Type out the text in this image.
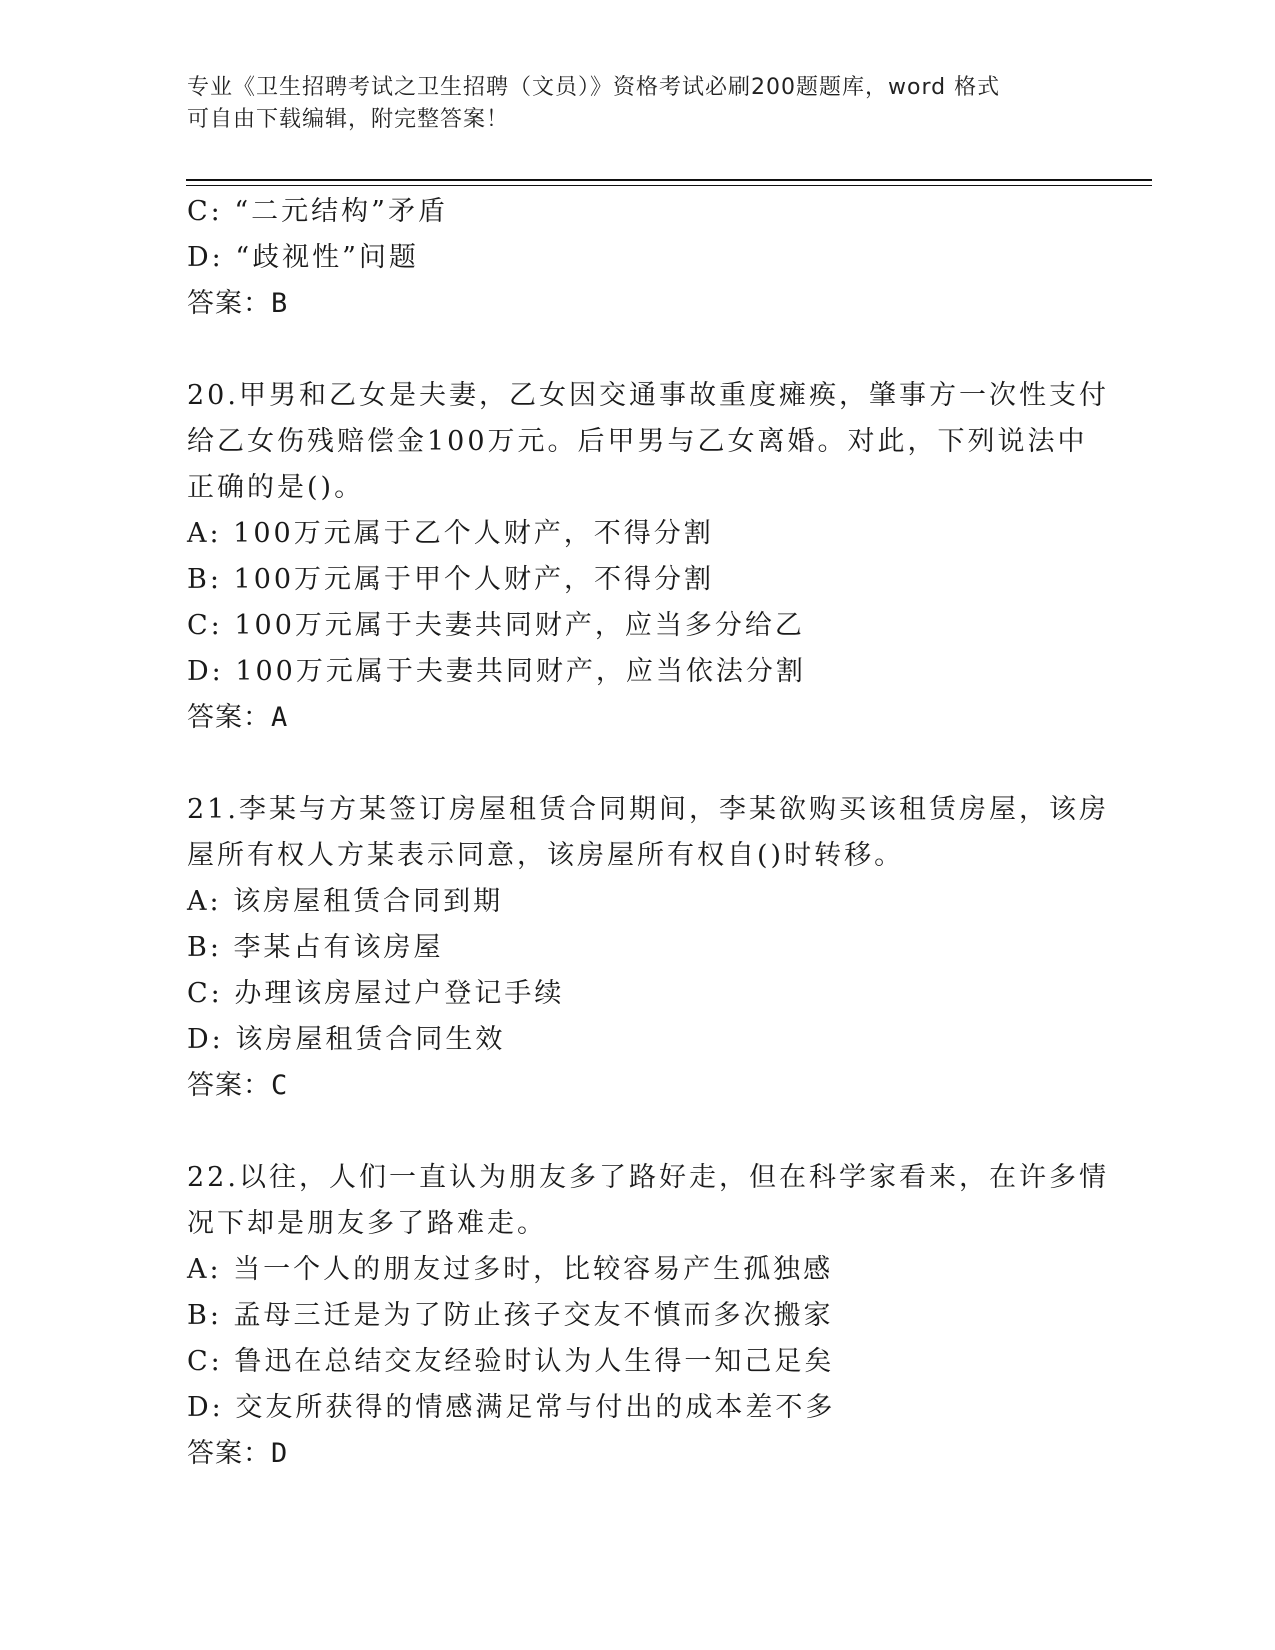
专业《卫生招聘考试之卫生招聘（文员）》资格考试必刷200题题库，word 格式
可自由下载编辑，附完整答案！
C: “二元结构”矛盾
D: “歧视性”问题
答案：B
20.甲男和乙女是夫妻，乙女因交通事故重度瘫痪，肇事方一次性支付
给乙女伤残赔偿金100万元。后甲男与乙女离婚。对此，下列说法中
正确的是()。
A: 100万元属于乙个人财产，不得分割
B: 100万元属于甲个人财产，不得分割
C: 100万元属于夫妻共同财产，应当多分给乙
D: 100万元属于夫妻共同财产，应当依法分割
答案：A
21.李某与方某签订房屋租赁合同期间，李某欲购买该租赁房屋，该房
屋所有权人方某表示同意，该房屋所有权自()时转移。
A: 该房屋租赁合同到期
B: 李某占有该房屋
C: 办理该房屋过户登记手续
D: 该房屋租赁合同生效
答案：C
22.以往，人们一直认为朋友多了路好走，但在科学家看来，在许多情
况下却是朋友多了路难走。
A: 当一个人的朋友过多时，比较容易产生孤独感
B: 孟母三迁是为了防止孩子交友不慎而多次搬家
C: 鲁迅在总结交友经验时认为人生得一知己足矣
D: 交友所获得的情感满足常与付出的成本差不多
答案：D
